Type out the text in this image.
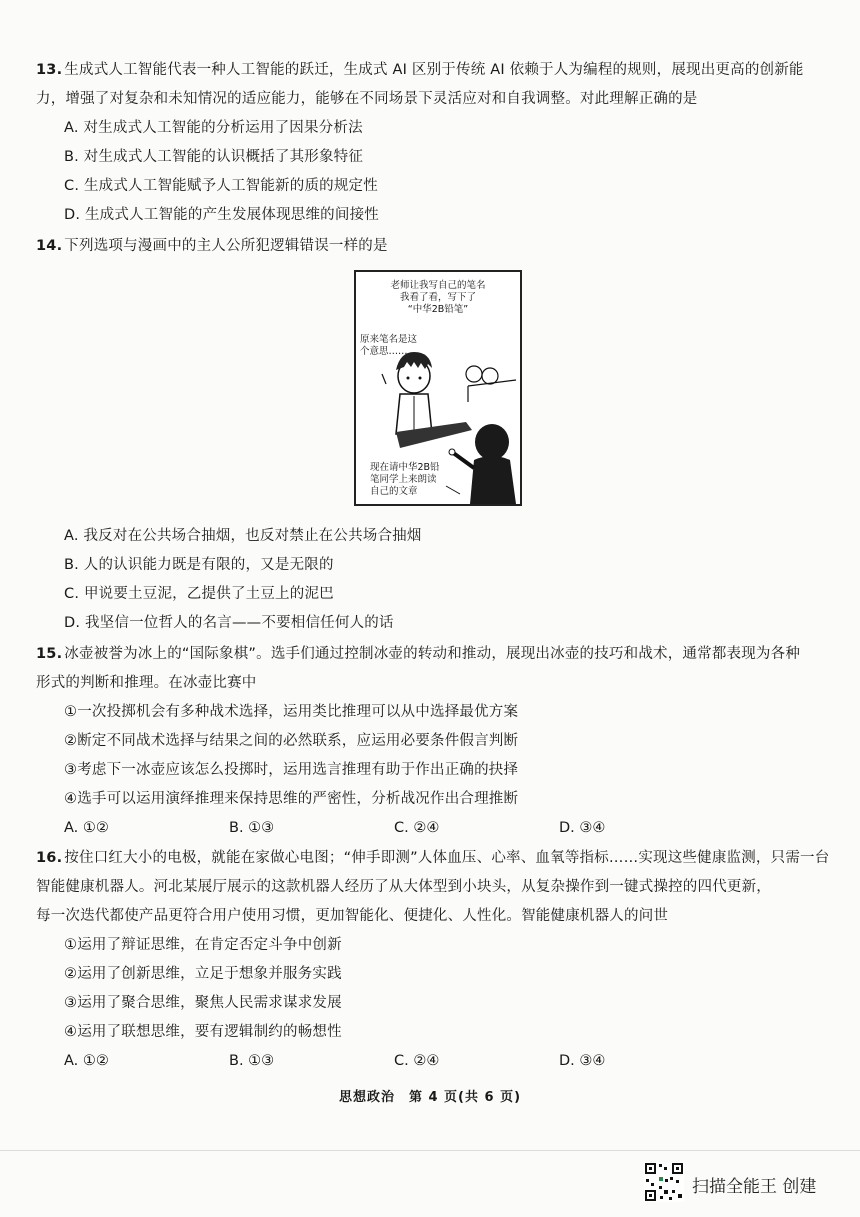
13. 生成式人工智能代表一种人工智能的跃迁，生成式 AI 区别于传统 AI 依赖于人为编程的规则，展现出更高的创新能
力，增强了对复杂和未知情况的适应能力，能够在不同场景下灵活应对和自我调整。对此理解正确的是
A. 对生成式人工智能的分析运用了因果分析法
B. 对生成式人工智能的认识概括了其形象特征
C. 生成式人工智能赋予人工智能新的质的规定性
D. 生成式人工智能的产生发展体现思维的间接性
14. 下列选项与漫画中的主人公所犯逻辑错误一样的是
老师让我写自己的笔名
我看了看，写下了
“中华2B铅笔”
原来笔名是这
个意思……
现在请中华2B铅
笔同学上来朗读
自己的文章
A. 我反对在公共场合抽烟，也反对禁止在公共场合抽烟
B. 人的认识能力既是有限的，又是无限的
C. 甲说要土豆泥，乙提供了土豆上的泥巴
D. 我坚信一位哲人的名言——不要相信任何人的话
15. 冰壶被誉为冰上的“国际象棋”。选手们通过控制冰壶的转动和推动，展现出冰壶的技巧和战术，通常都表现为各种
形式的判断和推理。在冰壶比赛中
①一次投掷机会有多种战术选择，运用类比推理可以从中选择最优方案
②断定不同战术选择与结果之间的必然联系，应运用必要条件假言判断
③考虑下一冰壶应该怎么投掷时，运用选言推理有助于作出正确的抉择
④选手可以运用演绎推理来保持思维的严密性，分析战况作出合理推断
A. ①②	B. ①③	C. ②④	D. ③④
16. 按住口红大小的电极，就能在家做心电图；“伸手即测”人体血压、心率、血氧等指标……实现这些健康监测，只需一台
智能健康机器人。河北某展厅展示的这款机器人经历了从大体型到小块头，从复杂操作到一键式操控的四代更新，
每一次迭代都使产品更符合用户使用习惯，更加智能化、便捷化、人性化。智能健康机器人的问世
①运用了辩证思维，在肯定否定斗争中创新
②运用了创新思维，立足于想象并服务实践
③运用了聚合思维，聚焦人民需求谋求发展
④运用了联想思维，要有逻辑制约的畅想性
A. ①②	B. ①③	C. ②④	D. ③④
思想政治　第 4 页(共 6 页)
扫描全能王 创建
